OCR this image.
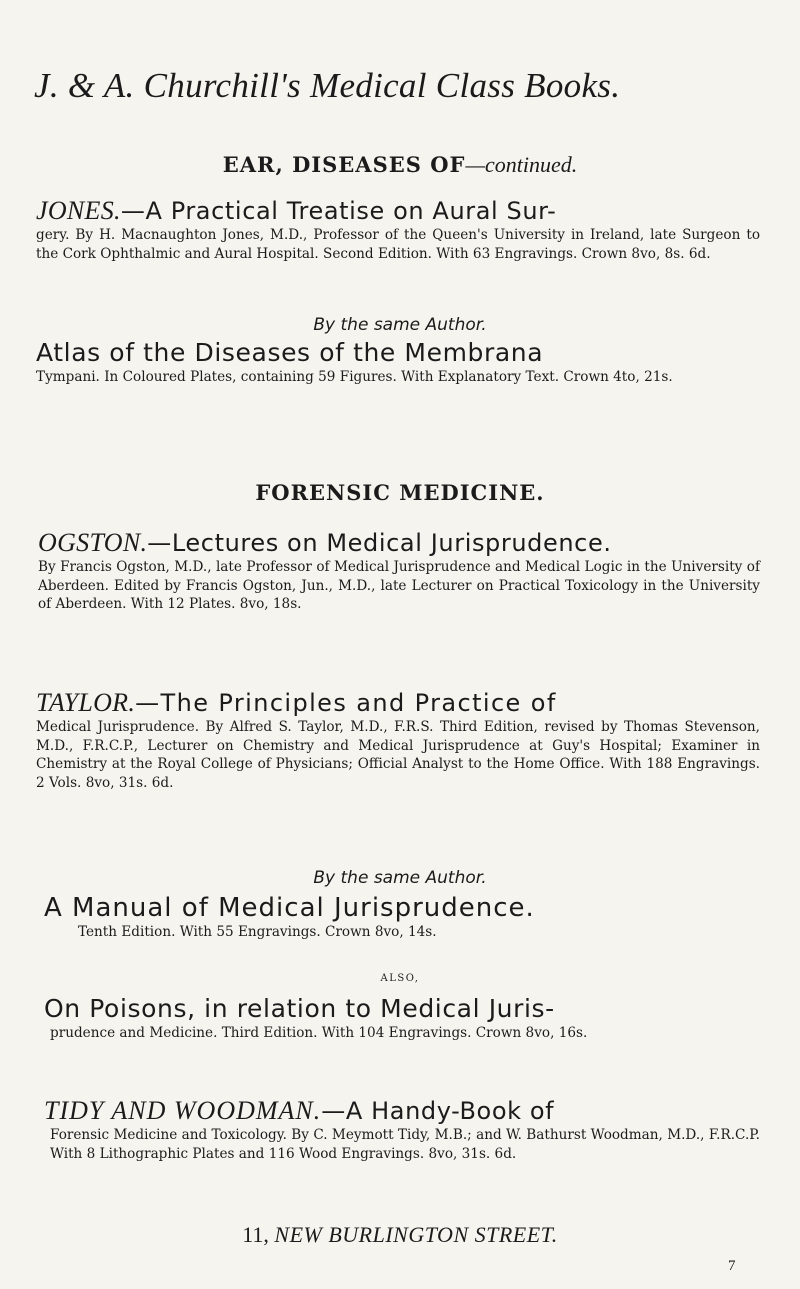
J. & A. Churchill's Medical Class Books.
EAR, DISEASES OF—continued.
JONES.—A Practical Treatise on Aural Sur-
gery. By H. Macnaughton Jones, M.D., Professor of the Queen's University in Ireland, late Surgeon to the Cork Ophthalmic and Aural Hospital. Second Edition. With 63 Engravings. Crown 8vo, 8s. 6d.
By the same Author.
Atlas of the Diseases of the Membrana
Tympani. In Coloured Plates, containing 59 Figures. With Explanatory Text. Crown 4to, 21s.
FORENSIC MEDICINE.
OGSTON.—Lectures on Medical Jurisprudence.
By Francis Ogston, M.D., late Professor of Medical Jurisprudence and Medical Logic in the University of Aberdeen. Edited by Francis Ogston, Jun., M.D., late Lecturer on Practical Toxicology in the University of Aberdeen. With 12 Plates. 8vo, 18s.
TAYLOR.—The Principles and Practice of
Medical Jurisprudence. By Alfred S. Taylor, M.D., F.R.S. Third Edition, revised by Thomas Stevenson, M.D., F.R.C.P., Lecturer on Chemistry and Medical Jurisprudence at Guy's Hospital; Examiner in Chemistry at the Royal College of Physicians; Official Analyst to the Home Office. With 188 Engravings. 2 Vols. 8vo, 31s. 6d.
By the same Author.
A Manual of Medical Jurisprudence.
Tenth Edition. With 55 Engravings. Crown 8vo, 14s.
ALSO,
On Poisons, in relation to Medical Juris-
prudence and Medicine. Third Edition. With 104 Engravings. Crown 8vo, 16s.
TIDY AND WOODMAN.—A Handy-Book of
Forensic Medicine and Toxicology. By C. Meymott Tidy, M.B.; and W. Bathurst Woodman, M.D., F.R.C.P. With 8 Lithographic Plates and 116 Wood Engravings. 8vo, 31s. 6d.
11, NEW BURLINGTON STREET.
7
